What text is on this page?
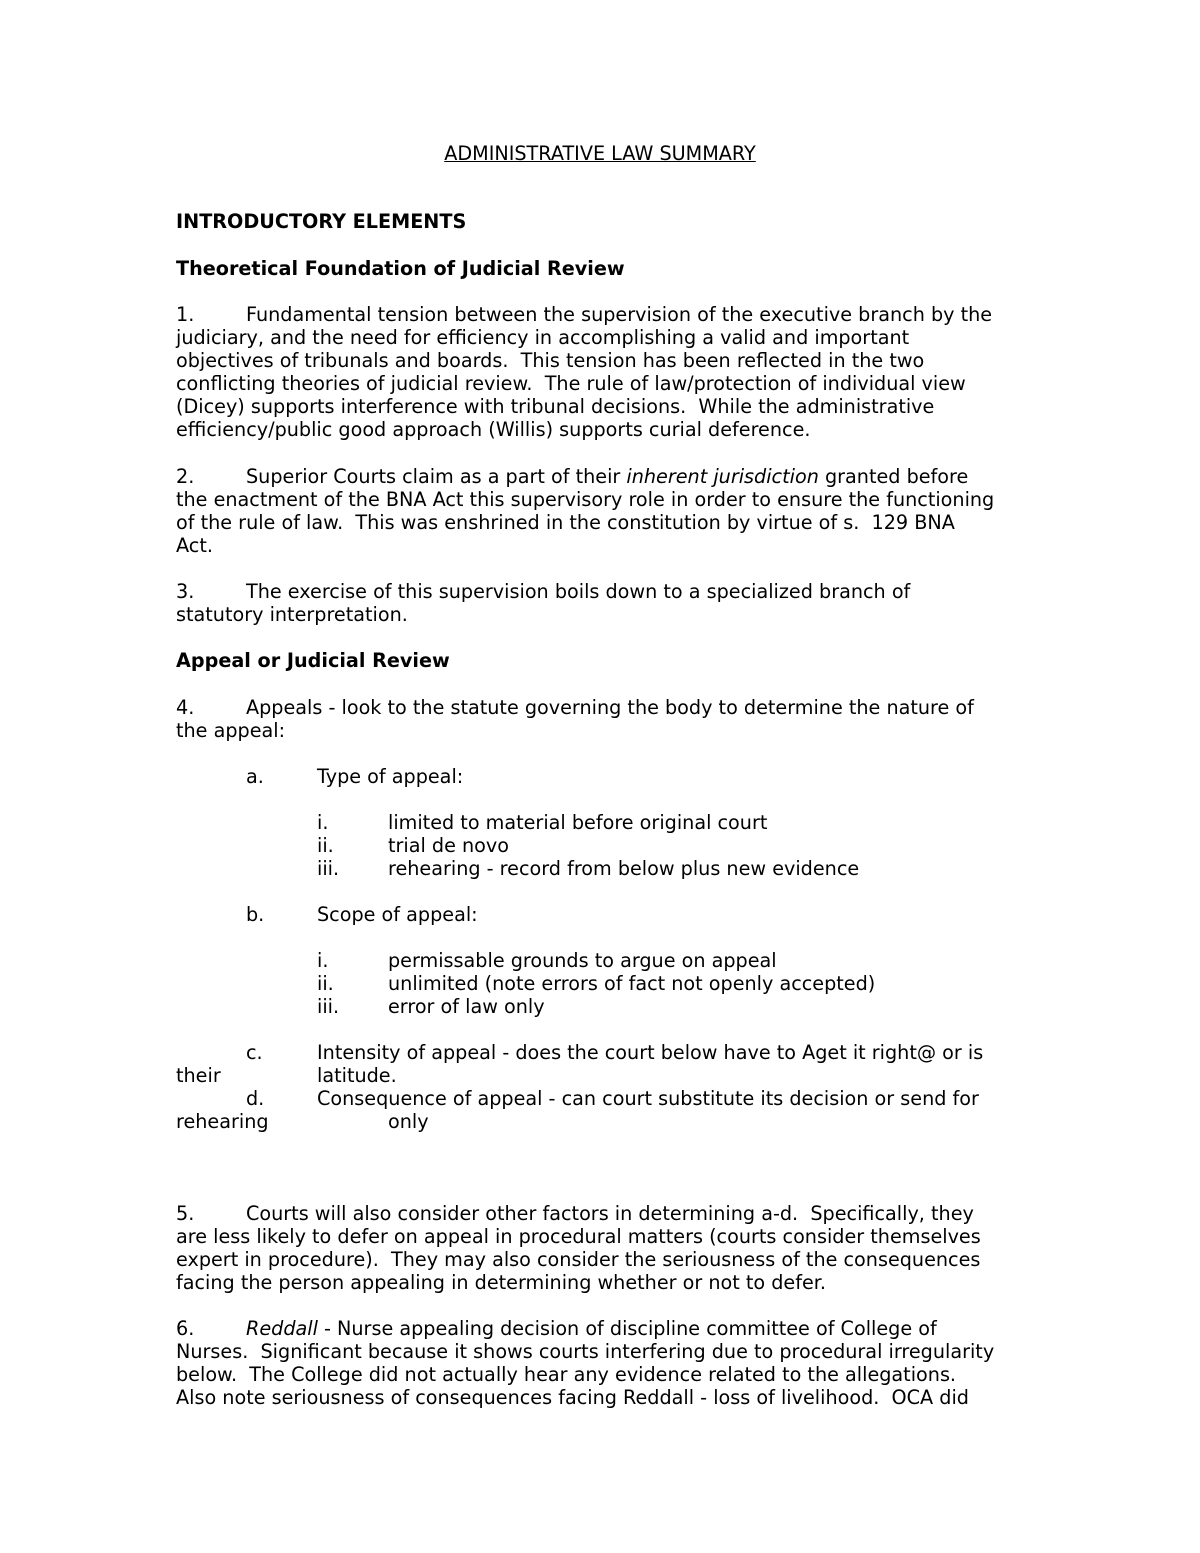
ADMINISTRATIVE LAW SUMMARY

INTRODUCTORY ELEMENTS

Theoretical Foundation of Judicial Review

1.	Fundamental tension between the supervision of the executive branch by the

judiciary, and the need for efficiency in accomplishing a valid and important

objectives of tribunals and boards.  This tension has been reflected in the two

conflicting theories of judicial review.  The rule of law/protection of individual view

(Dicey) supports interference with tribunal decisions.  While the administrative

efficiency/public good approach (Willis) supports curial deference.

2.	Superior Courts claim as a part of their inherent jurisdiction granted before

the enactment of the BNA Act this supervisory role in order to ensure the functioning

of the rule of law.  This was enshrined in the constitution by virtue of s.  129 BNA

Act.

3.	The exercise of this supervision boils down to a specialized branch of

statutory interpretation.

Appeal or Judicial Review

4.	Appeals - look to the statute governing the body to determine the nature of

the appeal:

a.	Type of appeal:
i.	limited to material before original court
ii.	trial de novo
iii.	rehearing - record from below plus new evidence
b.	Scope of appeal:
i.	permissable grounds to argue on appeal
ii.	unlimited (note errors of fact not openly accepted)
iii.	error of law only
c.	Intensity of appeal - does the court below have to Aget it right@ or is
their	latitude.
d.	Consequence of appeal - can court substitute its decision or send for
rehearing	only
5.	Courts will also consider other factors in determining a-d.  Specifically, they

are less likely to defer on appeal in procedural matters (courts consider themselves

expert in procedure).  They may also consider the seriousness of the consequences

facing the person appealing in determining whether or not to defer.

6.	Reddall - Nurse appealing decision of discipline committee of College of

Nurses.  Significant because it shows courts interfering due to procedural irregularity

below.  The College did not actually hear any evidence related to the allegations.

Also note seriousness of consequences facing Reddall - loss of livelihood.  OCA did
